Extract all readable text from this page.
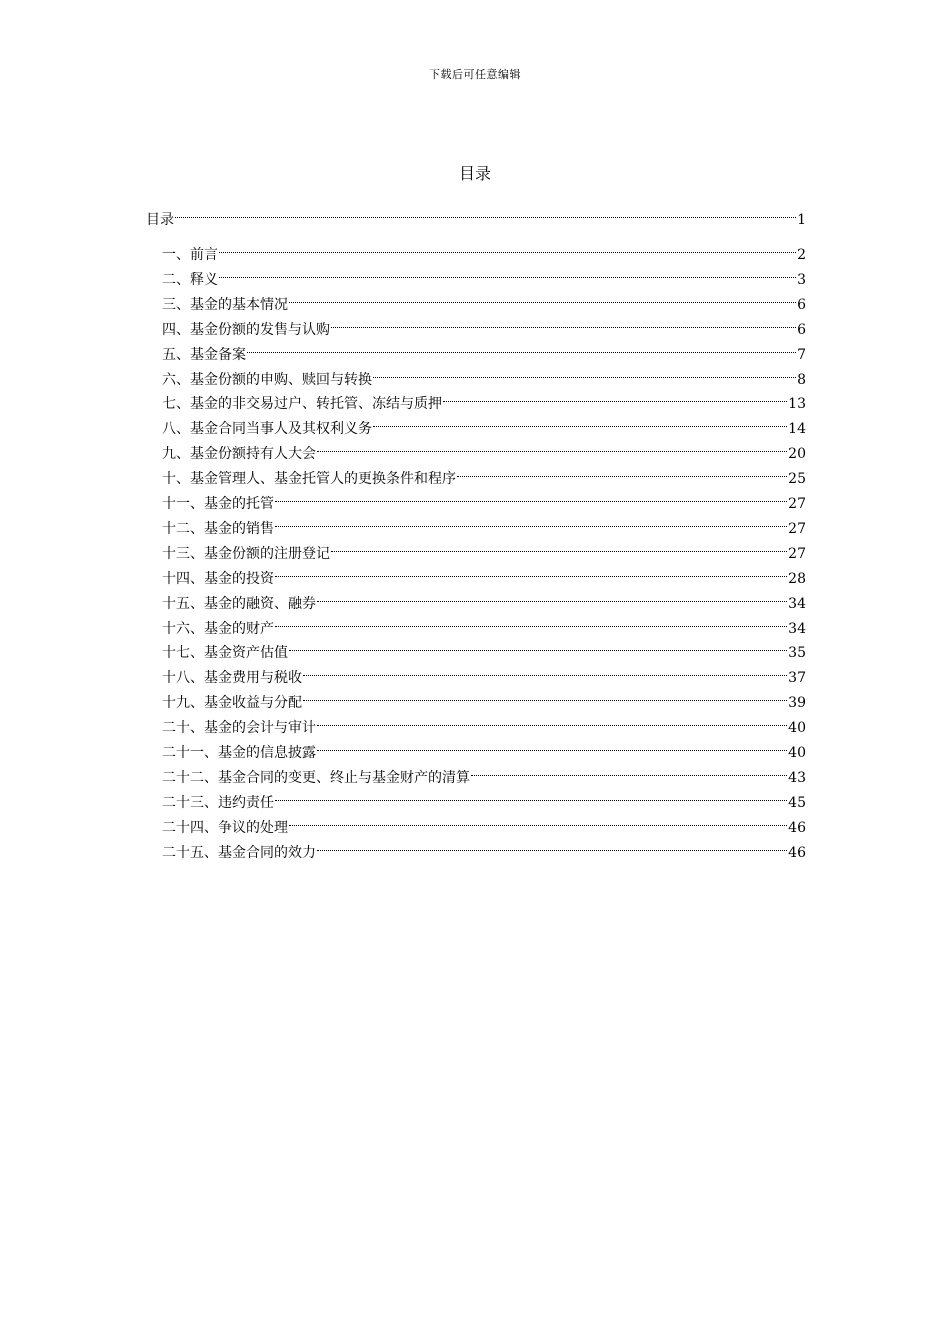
下载后可任意编辑
目录
目录	1
一、前言	2
二、释义	3
三、基金的基本情况	6
四、基金份额的发售与认购	6
五、基金备案	7
六、基金份额的申购、赎回与转换	8
七、基金的非交易过户、转托管、冻结与质押	13
八、基金合同当事人及其权利义务	14
九、基金份额持有人大会	20
十、基金管理人、基金托管人的更换条件和程序	25
十一、基金的托管	27
十二、基金的销售	27
十三、基金份额的注册登记	27
十四、基金的投资	28
十五、基金的融资、融券	34
十六、基金的财产	34
十七、基金资产估值	35
十八、基金费用与税收	37
十九、基金收益与分配	39
二十、基金的会计与审计	40
二十一、基金的信息披露	40
二十二、基金合同的变更、终止与基金财产的清算	43
二十三、违约责任	45
二十四、争议的处理	46
二十五、基金合同的效力	46
